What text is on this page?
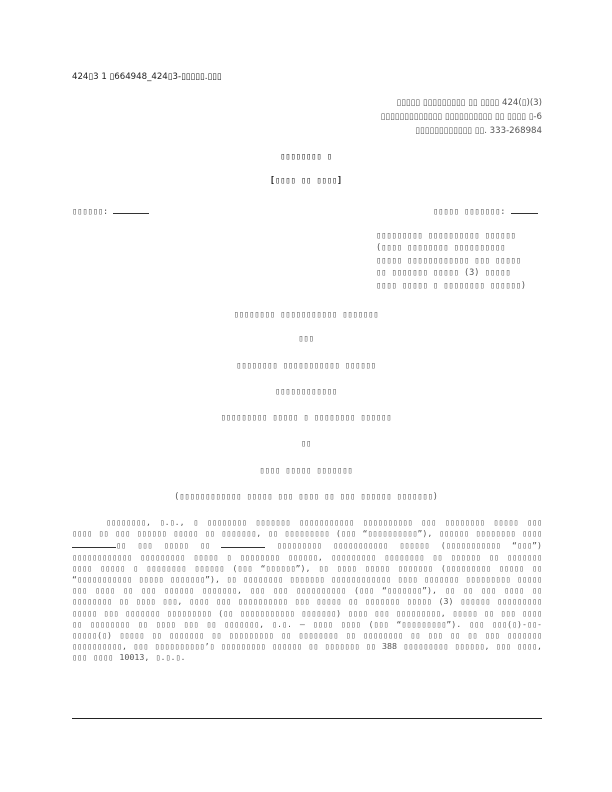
424▯3 1 ▯664948_424▯3-▯▯▯▯▯.▯▯▯
▯▯▯▯▯ ▯▯▯▯▯▯▯▯▯ ▯▯ ▯▯▯▯ 424(▯)(3)
▯▯▯▯▯▯▯▯▯▯▯▯▯ ▯▯▯▯▯▯▯▯▯▯ ▯▯ ▯▯▯▯ ▯-6
▯▯▯▯▯▯▯▯▯▯▯▯ ▯▯. 333-268984
▯▯▯▯▯▯▯▯ ▯
[▯▯▯▯ ▯▯ ▯▯▯▯]
▯▯▯▯▯▯:	▯▯▯▯▯ ▯▯▯▯▯▯▯:
▯▯▯▯▯▯▯▯▯ ▯▯▯▯▯▯▯▯▯▯ ▯▯▯▯▯▯
(▯▯▯▯ ▯▯▯▯▯▯▯▯ ▯▯▯▯▯▯▯▯▯▯
▯▯▯▯▯ ▯▯▯▯▯▯▯▯▯▯▯▯ ▯▯▯ ▯▯▯▯▯
▯▯ ▯▯▯▯▯▯▯ ▯▯▯▯▯ (3) ▯▯▯▯▯
▯▯▯▯ ▯▯▯▯▯ ▯ ▯▯▯▯▯▯▯▯ ▯▯▯▯▯▯)
▯▯▯▯▯▯▯▯ ▯▯▯▯▯▯▯▯▯▯▯ ▯▯▯▯▯▯▯
▯▯▯
▯▯▯▯▯▯▯▯ ▯▯▯▯▯▯▯▯▯▯▯ ▯▯▯▯▯▯
▯▯▯▯▯▯▯▯▯▯▯▯
▯▯▯▯▯▯▯▯▯ ▯▯▯▯▯ ▯ ▯▯▯▯▯▯▯▯ ▯▯▯▯▯▯
▯▯
▯▯▯▯ ▯▯▯▯▯ ▯▯▯▯▯▯▯
(▯▯▯▯▯▯▯▯▯▯▯▯ ▯▯▯▯▯ ▯▯▯ ▯▯▯▯ ▯▯ ▯▯▯ ▯▯▯▯▯▯ ▯▯▯▯▯▯▯)
▯▯▯▯▯▯▯▯, ▯.▯., ▯ ▯▯▯▯▯▯▯▯ ▯▯▯▯▯▯▯ ▯▯▯▯▯▯▯▯▯▯▯ ▯▯▯▯▯▯▯▯▯▯ ▯▯▯ ▯▯▯▯▯▯▯▯ ▯▯▯▯▯ ▯▯▯ ▯▯▯▯ ▯▯ ▯▯▯ ▯▯▯▯▯▯ ▯▯▯▯▯ ▯▯ ▯▯▯▯▯▯▯, ▯▯ ▯▯▯▯▯▯▯▯▯ (▯▯▯ “▯▯▯▯▯▯▯▯▯▯”), ▯▯▯▯▯▯ ▯▯▯▯▯▯▯▯ ▯▯▯▯ ▯▯ ▯▯▯ ▯▯▯▯▯ ▯▯	▯▯▯▯▯▯▯▯▯ ▯▯▯▯▯▯▯▯▯▯▯ ▯▯▯▯▯▯ (▯▯▯▯▯▯▯▯▯▯▯ “▯▯▯”) ▯▯▯▯▯▯▯▯▯▯▯▯ ▯▯▯▯▯▯▯▯▯ ▯▯▯▯▯ ▯ ▯▯▯▯▯▯▯▯ ▯▯▯▯▯▯, ▯▯▯▯▯▯▯▯▯ ▯▯▯▯▯▯▯▯ ▯▯ ▯▯▯▯▯▯ ▯▯ ▯▯▯▯▯▯▯ ▯▯▯▯ ▯▯▯▯▯ ▯ ▯▯▯▯▯▯▯▯ ▯▯▯▯▯▯ (▯▯▯ “▯▯▯▯▯▯”), ▯▯ ▯▯▯▯ ▯▯▯▯▯ ▯▯▯▯▯▯▯ (▯▯▯▯▯▯▯▯▯ ▯▯▯▯▯ ▯▯ “▯▯▯▯▯▯▯▯▯▯▯ ▯▯▯▯▯ ▯▯▯▯▯▯▯”), ▯▯ ▯▯▯▯▯▯▯▯ ▯▯▯▯▯▯▯ ▯▯▯▯▯▯▯▯▯▯▯▯ ▯▯▯▯ ▯▯▯▯▯▯▯ ▯▯▯▯▯▯▯▯▯ ▯▯▯▯▯ ▯▯▯ ▯▯▯▯ ▯▯ ▯▯▯ ▯▯▯▯▯▯ ▯▯▯▯▯▯▯, ▯▯▯ ▯▯▯ ▯▯▯▯▯▯▯▯▯▯ (▯▯▯ “▯▯▯▯▯▯▯”), ▯▯ ▯▯ ▯▯▯ ▯▯▯▯ ▯▯ ▯▯▯▯▯▯▯▯ ▯▯ ▯▯▯▯ ▯▯▯, ▯▯▯▯ ▯▯▯ ▯▯▯▯▯▯▯▯▯▯ ▯▯▯ ▯▯▯▯▯ ▯▯ ▯▯▯▯▯▯▯ ▯▯▯▯▯ (3) ▯▯▯▯▯▯ ▯▯▯▯▯▯▯▯▯ ▯▯▯▯▯ ▯▯▯ ▯▯▯▯▯▯▯ ▯▯▯▯▯▯▯▯▯ (▯▯ ▯▯▯▯▯▯▯▯▯▯▯ ▯▯▯▯▯▯▯) ▯▯▯▯ ▯▯▯ ▯▯▯▯▯▯▯▯▯, ▯▯▯▯▯ ▯▯ ▯▯▯ ▯▯▯▯ ▯▯ ▯▯▯▯▯▯▯▯ ▯▯ ▯▯▯▯ ▯▯▯ ▯▯ ▯▯▯▯▯▯▯, ▯.▯. – ▯▯▯▯ ▯▯▯▯ (▯▯▯ “▯▯▯▯▯▯▯▯▯”). ▯▯▯ ▯▯▯(▯)-▯▯-▯▯▯▯▯(▯) ▯▯▯▯▯ ▯▯ ▯▯▯▯▯▯▯ ▯▯ ▯▯▯▯▯▯▯▯▯ ▯▯ ▯▯▯▯▯▯▯▯ ▯▯ ▯▯▯▯▯▯▯▯ ▯▯ ▯▯▯ ▯▯ ▯▯ ▯▯▯ ▯▯▯▯▯▯▯ ▯▯▯▯▯▯▯▯▯▯, ▯▯▯ ▯▯▯▯▯▯▯▯▯▯’▯ ▯▯▯▯▯▯▯▯▯ ▯▯▯▯▯▯ ▯▯ ▯▯▯▯▯▯▯ ▯▯ 388 ▯▯▯▯▯▯▯▯▯ ▯▯▯▯▯▯, ▯▯▯ ▯▯▯▯, ▯▯▯ ▯▯▯▯ 10013, ▯.▯.▯.
